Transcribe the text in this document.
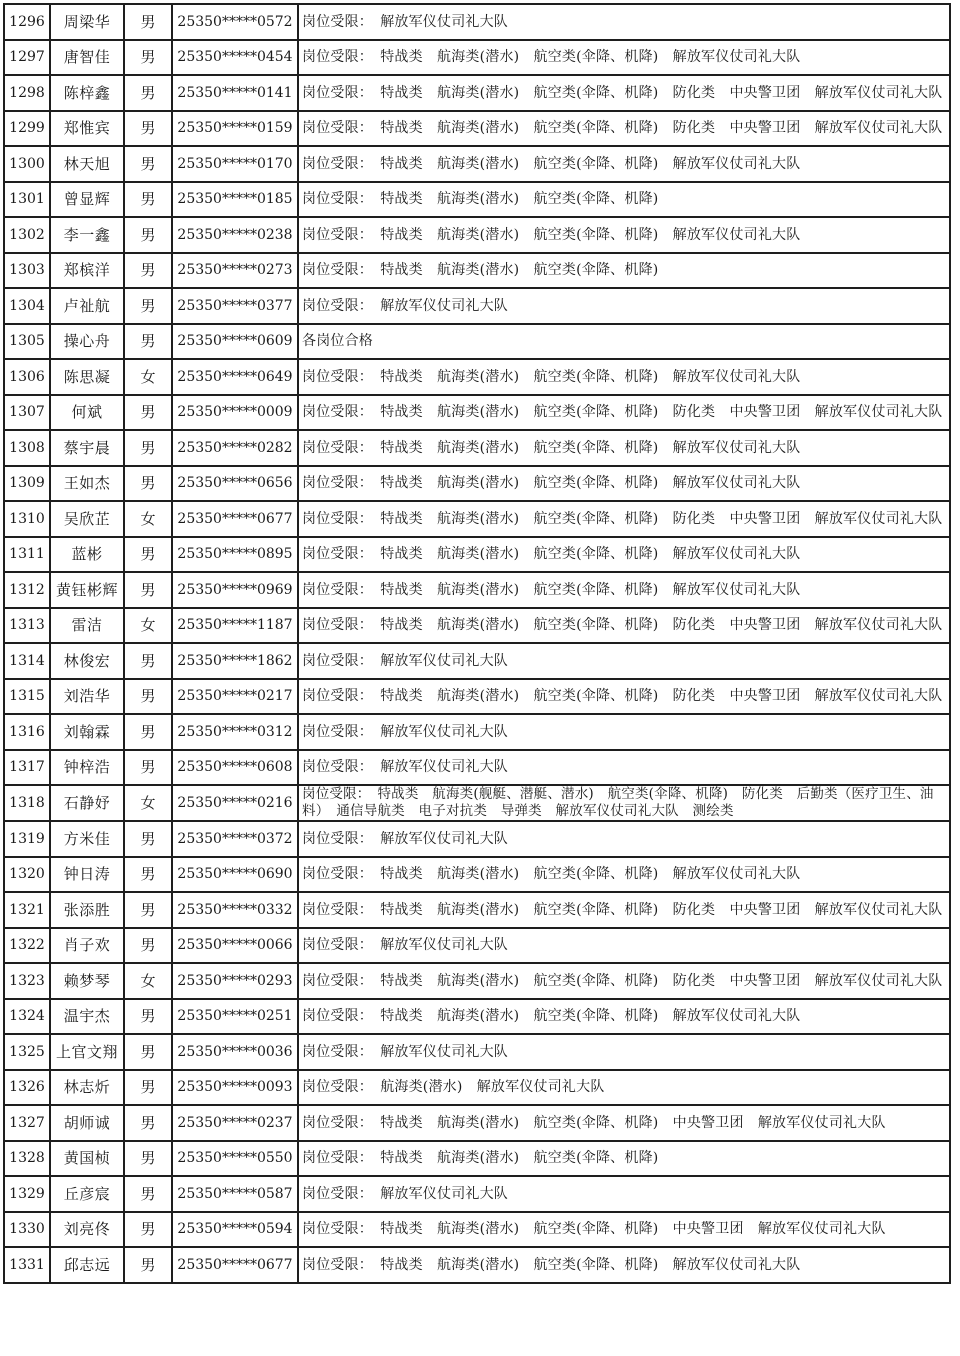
1296	周梁华	男	25350*****0572	岗位受限：　解放军仪仗司礼大队
1297	唐智佳	男	25350*****0454	岗位受限：　特战类　航海类(潜水)　航空类(伞降、机降)　解放军仪仗司礼大队
1298	陈梓鑫	男	25350*****0141	岗位受限：　特战类　航海类(潜水)　航空类(伞降、机降)　防化类　中央警卫团　解放军仪仗司礼大队
1299	郑惟宾	男	25350*****0159	岗位受限：　特战类　航海类(潜水)　航空类(伞降、机降)　防化类　中央警卫团　解放军仪仗司礼大队
1300	林天旭	男	25350*****0170	岗位受限：　特战类　航海类(潜水)　航空类(伞降、机降)　解放军仪仗司礼大队
1301	曾显辉	男	25350*****0185	岗位受限：　特战类　航海类(潜水)　航空类(伞降、机降)
1302	李一鑫	男	25350*****0238	岗位受限：　特战类　航海类(潜水)　航空类(伞降、机降)　解放军仪仗司礼大队
1303	郑槟洋	男	25350*****0273	岗位受限：　特战类　航海类(潜水)　航空类(伞降、机降)
1304	卢祉航	男	25350*****0377	岗位受限：　解放军仪仗司礼大队
1305	操心舟	男	25350*****0609	各岗位合格
1306	陈思凝	女	25350*****0649	岗位受限：　特战类　航海类(潜水)　航空类(伞降、机降)　解放军仪仗司礼大队
1307	何斌	男	25350*****0009	岗位受限：　特战类　航海类(潜水)　航空类(伞降、机降)　防化类　中央警卫团　解放军仪仗司礼大队
1308	蔡宇晨	男	25350*****0282	岗位受限：　特战类　航海类(潜水)　航空类(伞降、机降)　解放军仪仗司礼大队
1309	王如杰	男	25350*****0656	岗位受限：　特战类　航海类(潜水)　航空类(伞降、机降)　解放军仪仗司礼大队
1310	吴欣芷	女	25350*****0677	岗位受限：　特战类　航海类(潜水)　航空类(伞降、机降)　防化类　中央警卫团　解放军仪仗司礼大队
1311	蓝彬	男	25350*****0895	岗位受限：　特战类　航海类(潜水)　航空类(伞降、机降)　解放军仪仗司礼大队
1312	黄钰彬辉	男	25350*****0969	岗位受限：　特战类　航海类(潜水)　航空类(伞降、机降)　解放军仪仗司礼大队
1313	雷洁	女	25350*****1187	岗位受限：　特战类　航海类(潜水)　航空类(伞降、机降)　防化类　中央警卫团　解放军仪仗司礼大队
1314	林俊宏	男	25350*****1862	岗位受限：　解放军仪仗司礼大队
1315	刘浩华	男	25350*****0217	岗位受限：　特战类　航海类(潜水)　航空类(伞降、机降)　防化类　中央警卫团　解放军仪仗司礼大队
1316	刘翰霖	男	25350*****0312	岗位受限：　解放军仪仗司礼大队
1317	钟梓浩	男	25350*****0608	岗位受限：　解放军仪仗司礼大队
1318	石静妤	女	25350*****0216	岗位受限：　特战类　航海类(舰艇、潜艇、潜水)　航空类(伞降、机降)　防化类　后勤类（医疗卫生、油料）　通信导航类　电子对抗类　导弹类　解放军仪仗司礼大队　测绘类
1319	方米佳	男	25350*****0372	岗位受限：　解放军仪仗司礼大队
1320	钟日涛	男	25350*****0690	岗位受限：　特战类　航海类(潜水)　航空类(伞降、机降)　解放军仪仗司礼大队
1321	张添胜	男	25350*****0332	岗位受限：　特战类　航海类(潜水)　航空类(伞降、机降)　防化类　中央警卫团　解放军仪仗司礼大队
1322	肖子欢	男	25350*****0066	岗位受限：　解放军仪仗司礼大队
1323	赖梦琴	女	25350*****0293	岗位受限：　特战类　航海类(潜水)　航空类(伞降、机降)　防化类　中央警卫团　解放军仪仗司礼大队
1324	温宇杰	男	25350*****0251	岗位受限：　特战类　航海类(潜水)　航空类(伞降、机降)　解放军仪仗司礼大队
1325	上官文翔	男	25350*****0036	岗位受限：　解放军仪仗司礼大队
1326	林志炘	男	25350*****0093	岗位受限：　航海类(潜水)　解放军仪仗司礼大队
1327	胡师诚	男	25350*****0237	岗位受限：　特战类　航海类(潜水)　航空类(伞降、机降)　中央警卫团　解放军仪仗司礼大队
1328	黄国桢	男	25350*****0550	岗位受限：　特战类　航海类(潜水)　航空类(伞降、机降)
1329	丘彦宸	男	25350*****0587	岗位受限：　解放军仪仗司礼大队
1330	刘亮佟	男	25350*****0594	岗位受限：　特战类　航海类(潜水)　航空类(伞降、机降)　中央警卫团　解放军仪仗司礼大队
1331	邱志远	男	25350*****0677	岗位受限：　特战类　航海类(潜水)　航空类(伞降、机降)　解放军仪仗司礼大队
